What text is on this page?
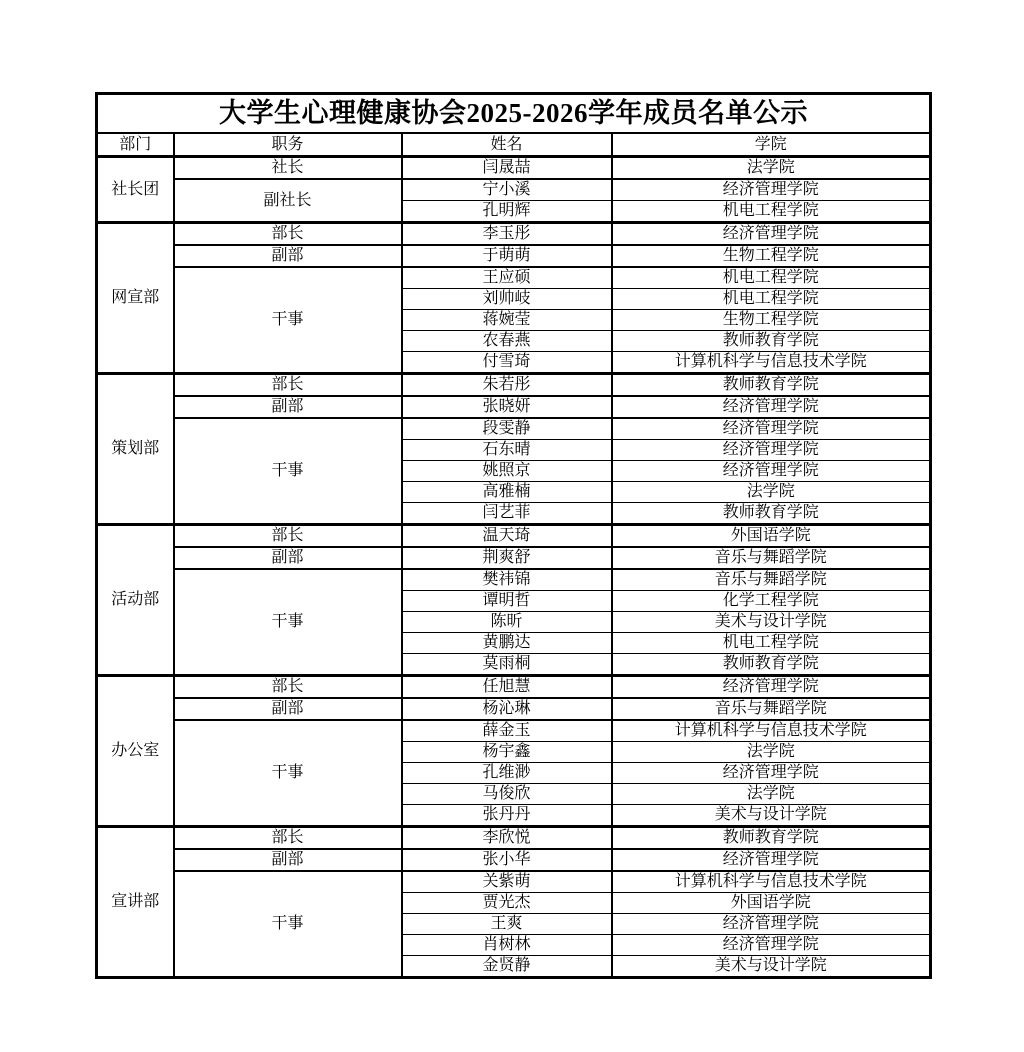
大学生心理健康协会2025-2026学年成员名单公示			
部门	职务	姓名	学院
社长团	社长	闫晟喆	法学院
	副社长	宁小溪	经济管理学院
		孔明辉	机电工程学院
网宣部	部长	李玉彤	经济管理学院
	副部	于萌萌	生物工程学院
	干事	王应硕	机电工程学院
		刘帅岐	机电工程学院
		蒋婉莹	生物工程学院
		农春燕	教师教育学院
		付雪琦	计算机科学与信息技术学院
策划部	部长	朱若彤	教师教育学院
	副部	张晓妍	经济管理学院
	干事	段雯静	经济管理学院
		石东晴	经济管理学院
		姚照京	经济管理学院
		高雅楠	法学院
		闫艺菲	教师教育学院
活动部	部长	温天琦	外国语学院
	副部	荆爽舒	音乐与舞蹈学院
	干事	樊祎锦	音乐与舞蹈学院
		谭明哲	化学工程学院
		陈昕	美术与设计学院
		黄鹏达	机电工程学院
		莫雨桐	教师教育学院
办公室	部长	任旭慧	经济管理学院
	副部	杨沁琳	音乐与舞蹈学院
	干事	薛金玉	计算机科学与信息技术学院
		杨宇鑫	法学院
		孔维渺	经济管理学院
		马俊欣	法学院
		张丹丹	美术与设计学院
宣讲部	部长	李欣悦	教师教育学院
	副部	张小华	经济管理学院
	干事	关紫萌	计算机科学与信息技术学院
		贾光杰	外国语学院
		王爽	经济管理学院
		肖树林	经济管理学院
		金贤静	美术与设计学院
